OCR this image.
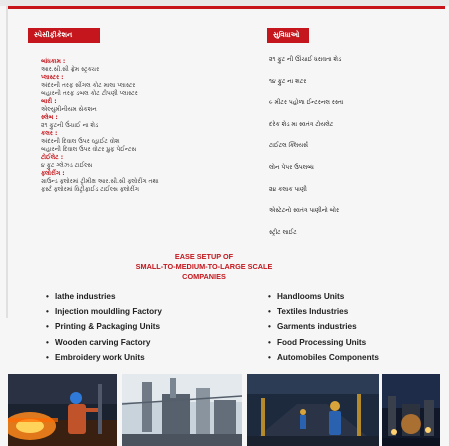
સ્પેસીફીકેશન
બાંધકામ :
આર.સી.સી ફ્રેમ સ્ટ્રક્ચર
પ્લાસ્ટર :
અંદરની તરફ સીંગલ કોટ માલા પ્લાસ્ટર
બહારની તરફ ડબલ કોટ ટીપણી પ્લાસ્ટર
બારી :
એલ્યુમીનીયમ સેકશન
સ્લેબ :
૨૧ ફુટની ઉંચાઈ ના શેડ
કલર :
અંદરની દિવાલ ઉપર વ્હાઈટ વોશ
બહારની દિવાલ ઉપર વોટર પ્રુફ પેઈન્ટસ
ટોઈલેટ :
૪ ફુટ ગ્લેઝડ ટાઈલ્સ
ફ્લોરીંગ :
ગ્રાઉન્ડ ફ્લોરમાં ટ્રીમીક્ષ આર.સી.સી ફ્લોરીંગ તથા
ફર્સ્ટ ફ્લોરમાં વિટ્રીફાઈડ ટાઈલ્સ ફ્લોરીંગ
સુવિધાઓ
૨૧ ફુટ ની ઊંચાઈ ધરાવતા શેડ
૧૪ ફુટ ના શટર
૯ મીટર પહોળા ઈન્ટરનલ રસ્તા
દરેક શેડ મા સ્વતંત્ર ટોયલેટ
ટાઈટલ ક્લિયર્સ
લોન પેપર ઉપલબ્ધ
૨૪ કલાક પાણી
એસ્ટેટનો સ્વતંત્ર પાણીનો બોર
સ્ટ્રીટ લાઈટ
EASE SETUP OF
SMALL-TO-MEDIUM-TO-LARGE SCALE
COMPANIES
• lathe industries
• Injection mouldling Factory
• Printing & Packaging Units
• Wooden carving Factory
• Embroidery work Units
• Handlooms Units
• Textiles Industries
• Garments industries
• Food Processing Units
• Automobiles Components
